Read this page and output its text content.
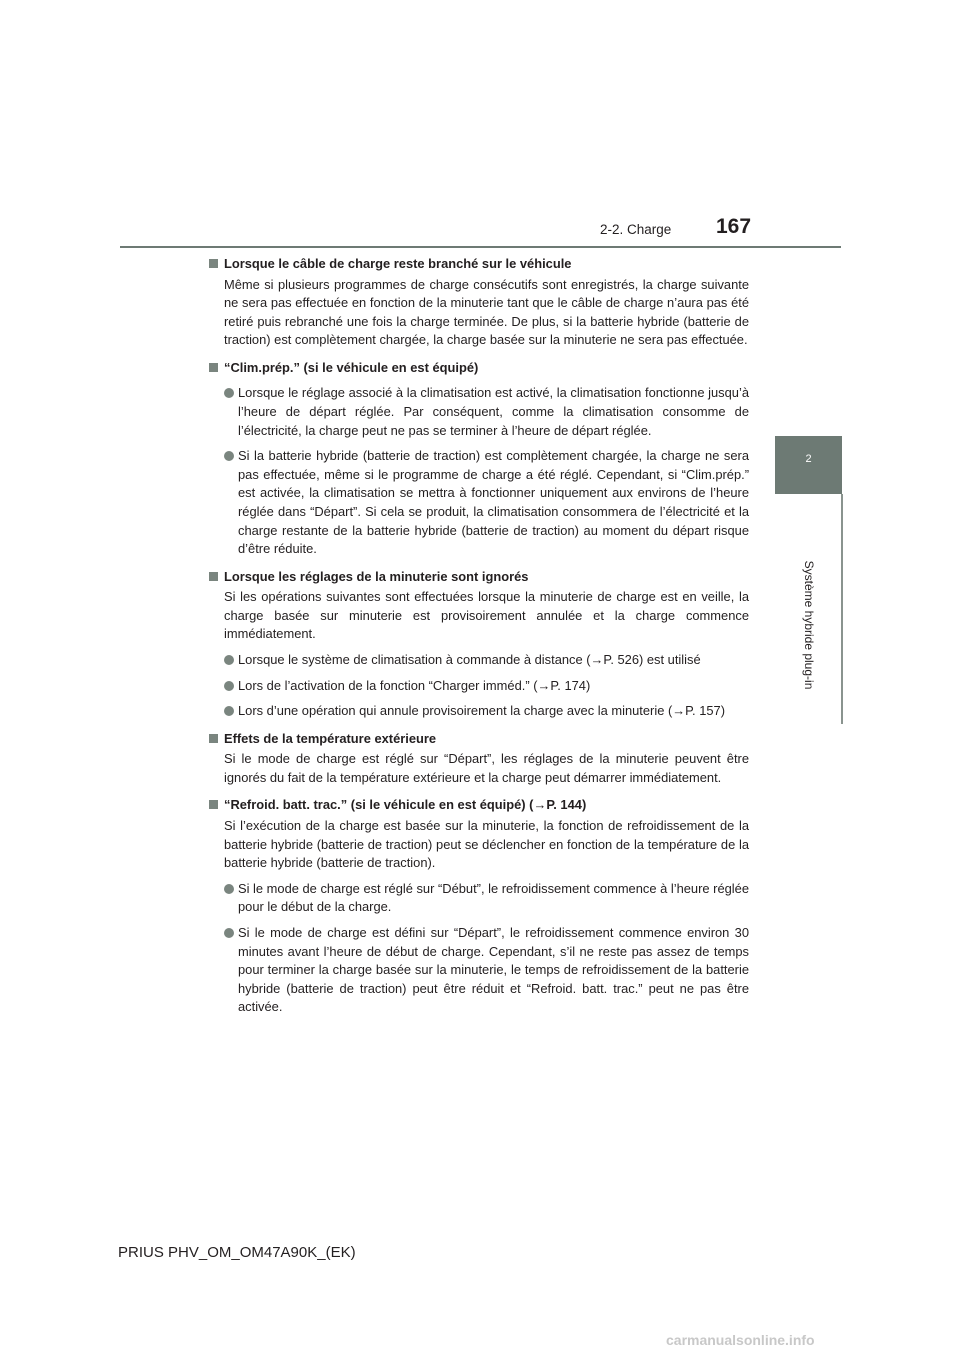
2-2. Charge 167
2
Système hybride plug-in

Lorsque le câble de charge reste branché sur le véhicule

Même si plusieurs programmes de charge consécutifs sont enregistrés, la charge suivante ne sera pas effectuée en fonction de la minuterie tant que le câble de charge n’aura pas été retiré puis rebranché une fois la charge terminée. De plus, si la batterie hybride (batterie de traction) est complètement chargée, la charge basée sur la minuterie ne sera pas effectuée.

“Clim.prép.” (si le véhicule en est équipé)

Lorsque le réglage associé à la climatisation est activé, la climatisation fonctionne jusqu’à l’heure de départ réglée. Par conséquent, comme la climatisation consomme de l’électricité, la charge peut ne pas se terminer à l’heure de départ réglée.

Si la batterie hybride (batterie de traction) est complètement chargée, la charge ne sera pas effectuée, même si le programme de charge a été réglé. Cependant, si “Clim.prép.” est activée, la climatisation se mettra à fonctionner uniquement aux environs de l’heure réglée dans “Départ”. Si cela se produit, la climatisation consommera de l’électricité et la charge restante de la batterie hybride (batterie de traction) au moment du départ risque d’être réduite.

Lorsque les réglages de la minuterie sont ignorés

Si les opérations suivantes sont effectuées lorsque la minuterie de charge est en veille, la charge basée sur minuterie est provisoirement annulée et la charge commence immédiatement.

Lorsque le système de climatisation à commande à distance (→P. 526) est utilisé

Lors de l’activation de la fonction “Charger imméd.” (→P. 174)

Lors d’une opération qui annule provisoirement la charge avec la minuterie (→P. 157)

Effets de la température extérieure

Si le mode de charge est réglé sur “Départ”, les réglages de la minuterie peuvent être ignorés du fait de la température extérieure et la charge peut démarrer immédiatement.

“Refroid. batt. trac.” (si le véhicule en est équipé) (→P. 144)

Si l’exécution de la charge est basée sur la minuterie, la fonction de refroidissement de la batterie hybride (batterie de traction) peut se déclencher en fonction de la température de la batterie hybride (batterie de traction).

Si le mode de charge est réglé sur “Début”, le refroidissement commence à l’heure réglée pour le début de la charge.

Si le mode de charge est défini sur “Départ”, le refroidissement commence environ 30 minutes avant l’heure de début de charge. Cependant, s’il ne reste pas assez de temps pour terminer la charge basée sur la minuterie, le temps de refroidissement de la batterie hybride (batterie de traction) peut être réduit et “Refroid. batt. trac.” peut ne pas être activée.

PRIUS PHV_OM_OM47A90K_(EK)
carmanualsonline.info
